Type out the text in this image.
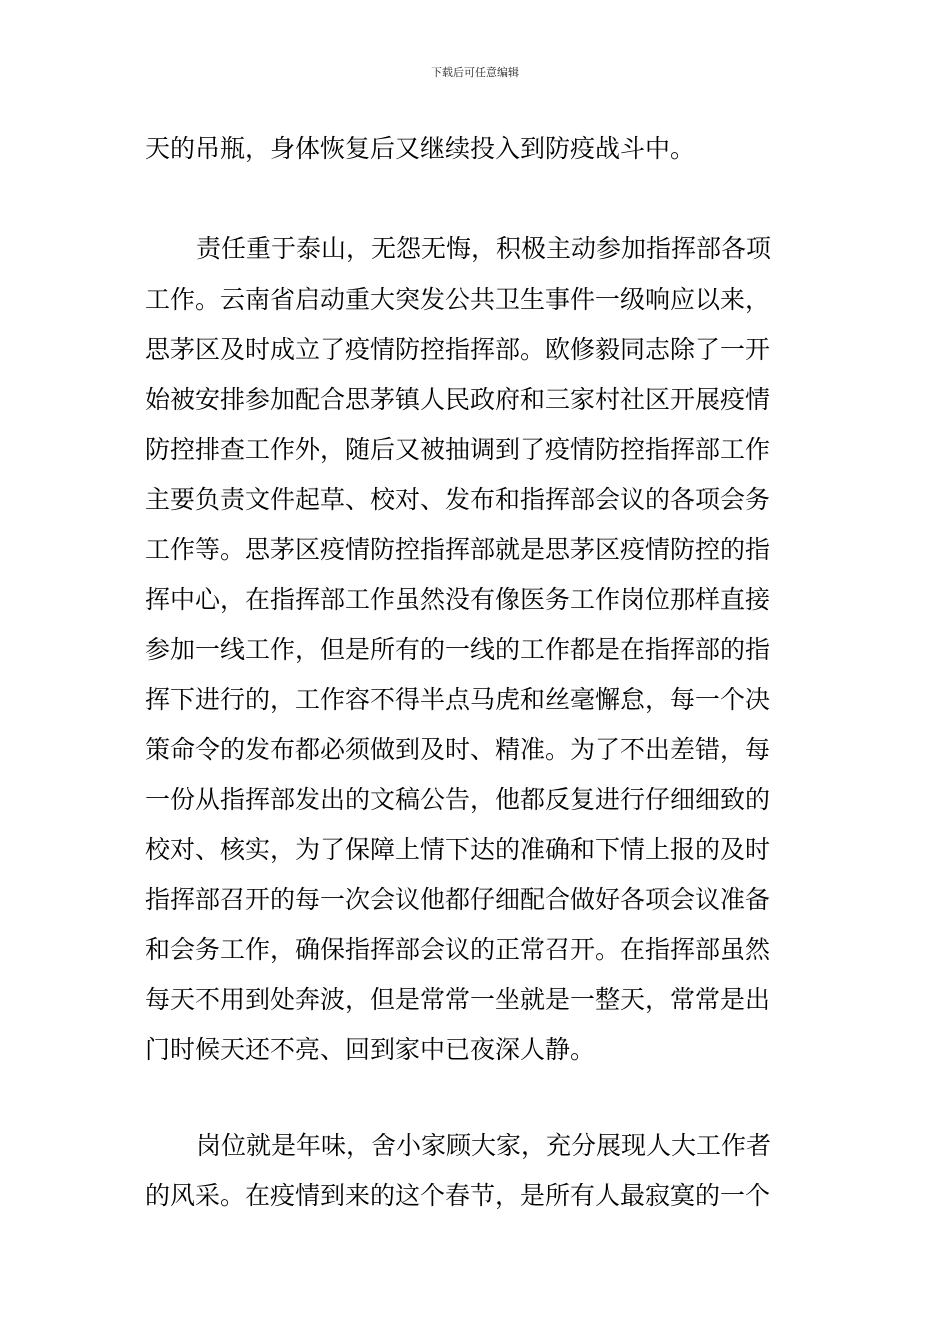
下载后可任意编辑
天的吊瓶，身体恢复后又继续投入到防疫战斗中。
责任重于泰山，无怨无悔，积极主动参加指挥部各项
工作。云南省启动重大突发公共卫生事件一级响应以来，
思茅区及时成立了疫情防控指挥部。欧修毅同志除了一开
始被安排参加配合思茅镇人民政府和三家村社区开展疫情
防控排查工作外，随后又被抽调到了疫情防控指挥部工作
主要负责文件起草、校对、发布和指挥部会议的各项会务
工作等。思茅区疫情防控指挥部就是思茅区疫情防控的指
挥中心，在指挥部工作虽然没有像医务工作岗位那样直接
参加一线工作，但是所有的一线的工作都是在指挥部的指
挥下进行的，工作容不得半点马虎和丝毫懈怠，每一个决
策命令的发布都必须做到及时、精准。为了不出差错，每
一份从指挥部发出的文稿公告，他都反复进行仔细细致的
校对、核实，为了保障上情下达的准确和下情上报的及时
指挥部召开的每一次会议他都仔细配合做好各项会议准备
和会务工作，确保指挥部会议的正常召开。在指挥部虽然
每天不用到处奔波，但是常常一坐就是一整天，常常是出
门时候天还不亮、回到家中已夜深人静。
岗位就是年味，舍小家顾大家，充分展现人大工作者
的风采。在疫情到来的这个春节，是所有人最寂寞的一个
